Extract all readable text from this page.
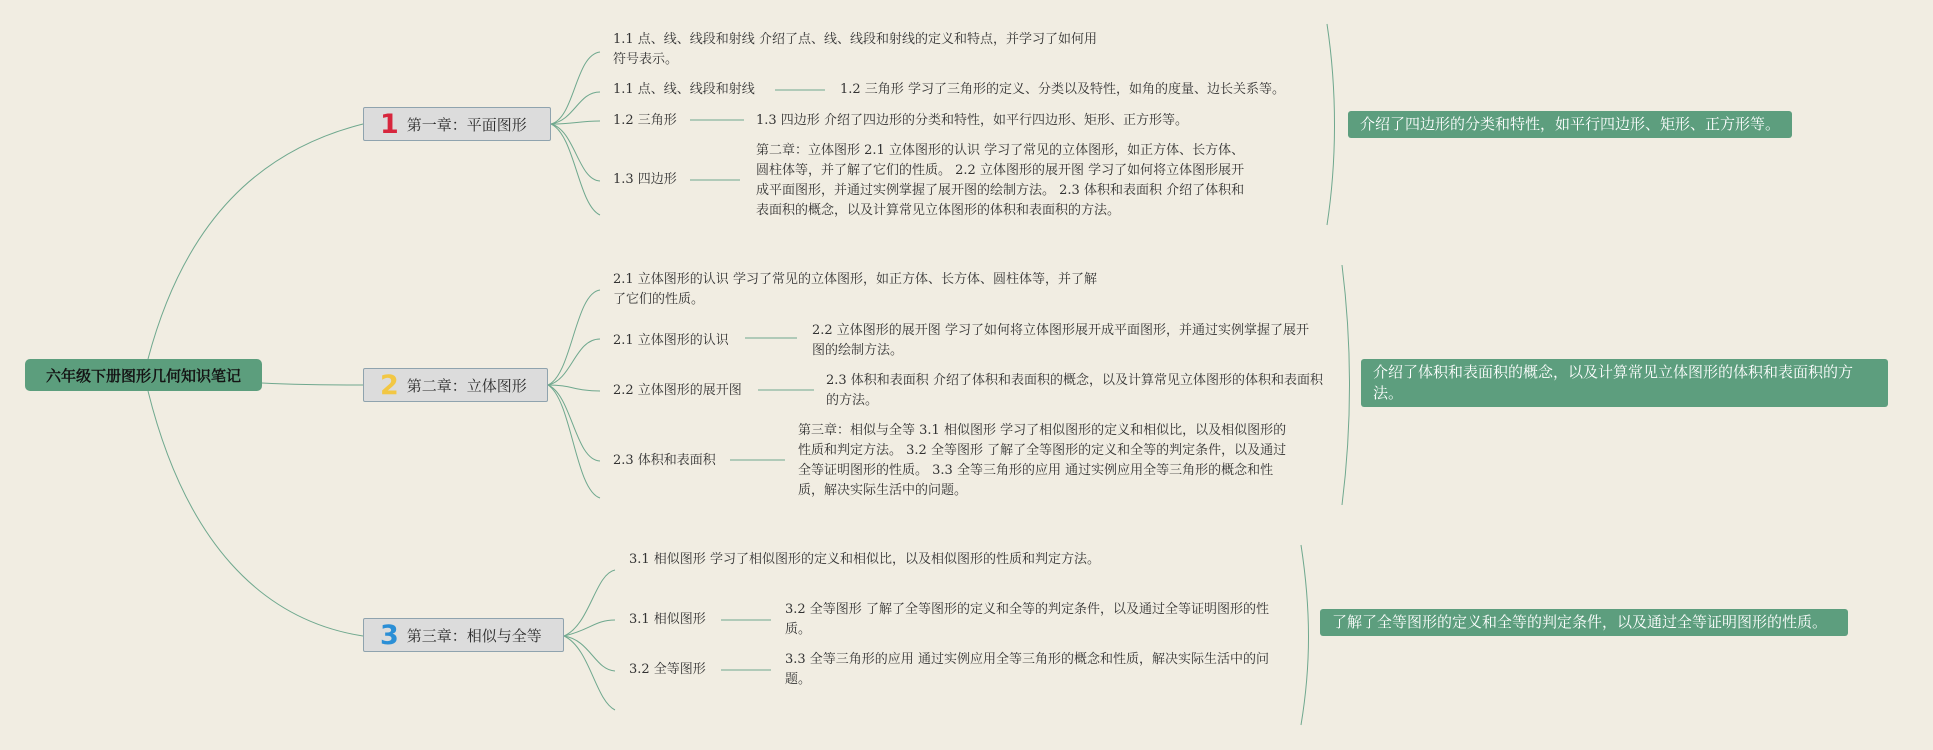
六年级下册图形几何知识笔记
1 第一章：平面图形

1.1 点、线、线段和射线 介绍了点、线、线段和射线的定义和特点，并学习了如何用符号表示。

1.1 点、线、线段和射线	1.2 三角形 学习了三角形的定义、分类以及特性，如角的度量、边长关系等。

1.2 三角形	1.3 四边形 介绍了四边形的分类和特性，如平行四边形、矩形、正方形等。

1.3 四边形

第二章：立体图形 2.1 立体图形的认识 学习了常见的立体图形，如正方体、长方体、圆柱体等，并了解了它们的性质。 2.2 立体图形的展开图 学习了如何将立体图形展开成平面图形，并通过实例掌握了展开图的绘制方法。 2.3 体积和表面积 介绍了体积和表面积的概念，以及计算常见立体图形的体积和表面积的方法。

介绍了四边形的分类和特性，如平行四边形、矩形、正方形等。
2 第二章：立体图形

2.1 立体图形的认识 学习了常见的立体图形，如正方体、长方体、圆柱体等，并了解了它们的性质。

2.1 立体图形的认识

2.2 立体图形的展开图 学习了如何将立体图形展开成平面图形，并通过实例掌握了展开图的绘制方法。

2.2 立体图形的展开图

2.3 体积和表面积 介绍了体积和表面积的概念，以及计算常见立体图形的体积和表面积的方法。

2.3 体积和表面积

第三章：相似与全等 3.1 相似图形 学习了相似图形的定义和相似比，以及相似图形的性质和判定方法。 3.2 全等图形 了解了全等图形的定义和全等的判定条件，以及通过全等证明图形的性质。 3.3 全等三角形的应用 通过实例应用全等三角形的概念和性质，解决实际生活中的问题。

介绍了体积和表面积的概念，以及计算常见立体图形的体积和表面积的方法。
3 第三章：相似与全等

3.1 相似图形 学习了相似图形的定义和相似比，以及相似图形的性质和判定方法。

3.1 相似图形

3.2 全等图形 了解了全等图形的定义和全等的判定条件，以及通过全等证明图形的性质。

3.2 全等图形

3.3 全等三角形的应用 通过实例应用全等三角形的概念和性质，解决实际生活中的问题。

了解了全等图形的定义和全等的判定条件，以及通过全等证明图形的性质。
